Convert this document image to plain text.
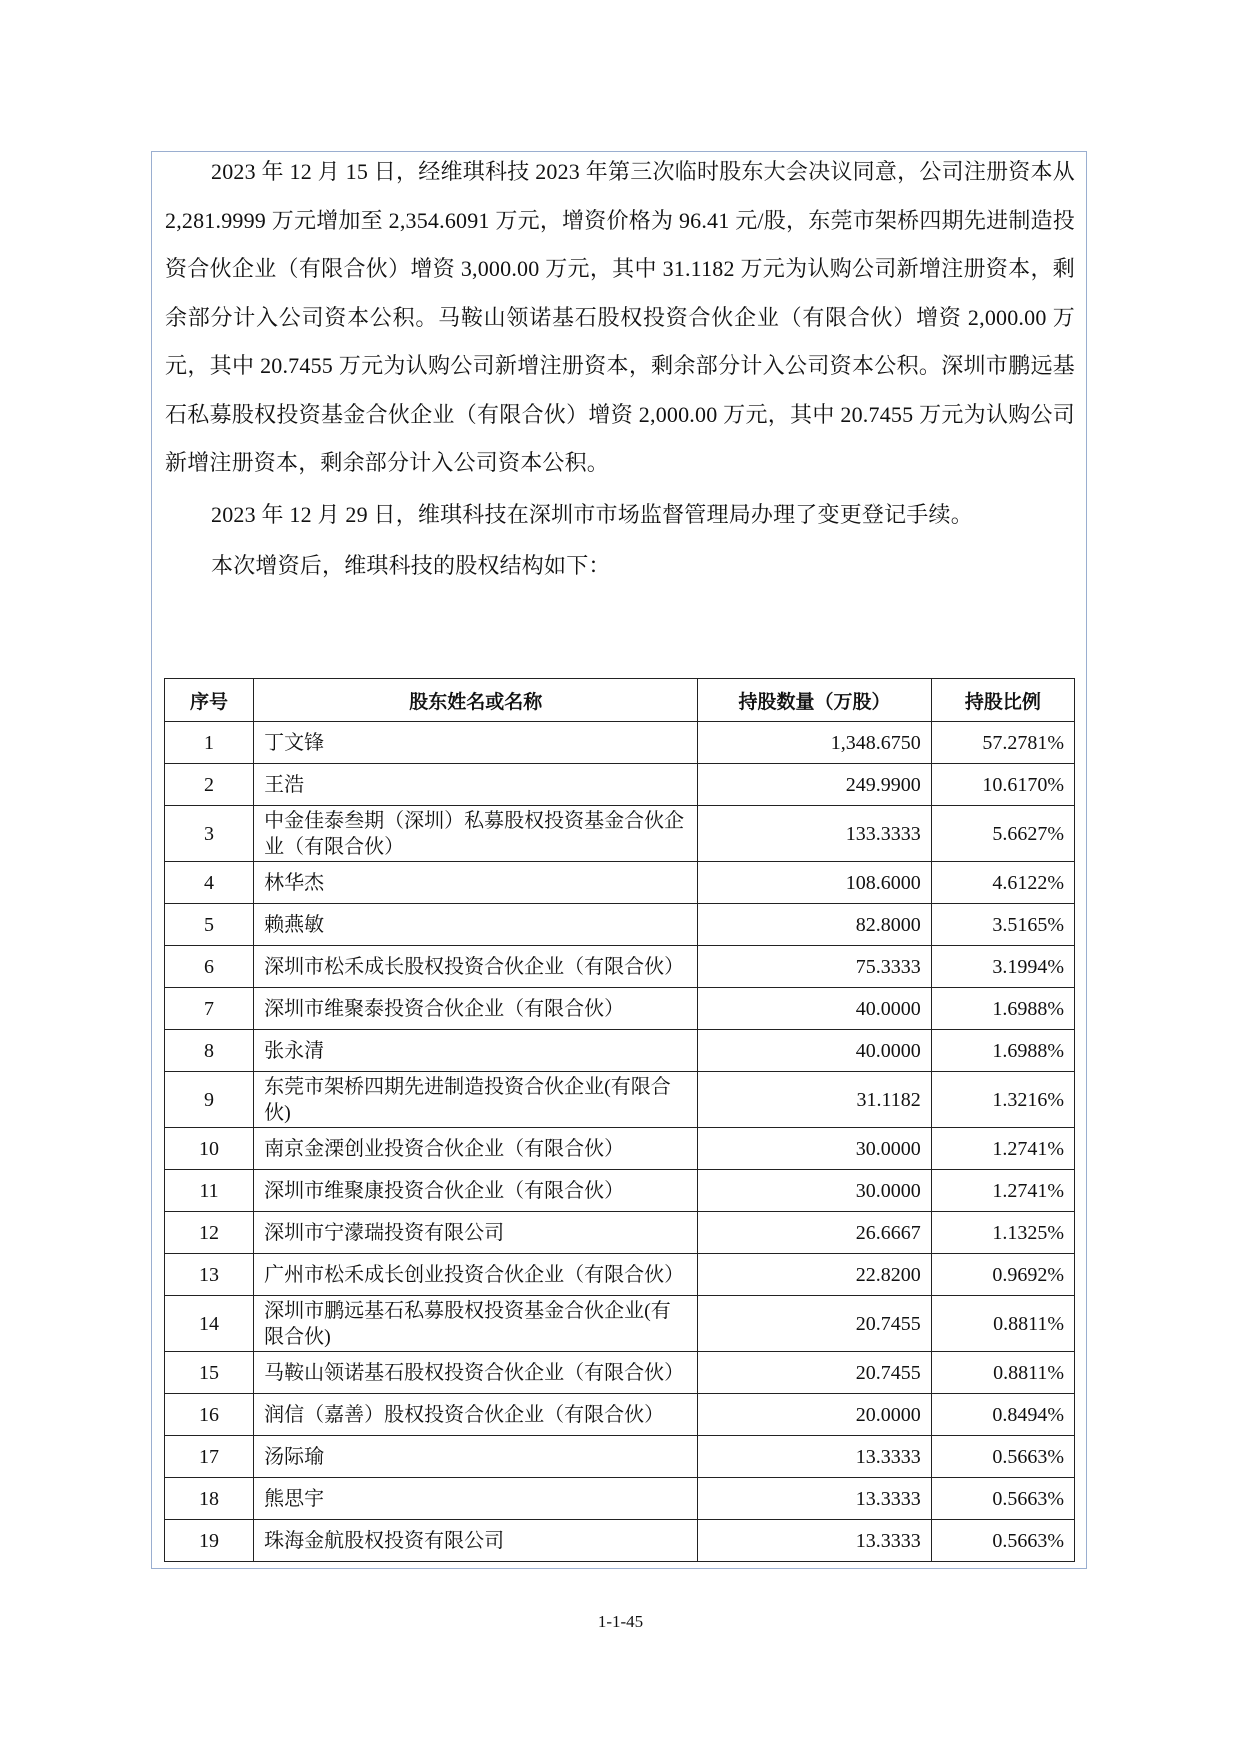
2023 年 12 月 15 日，经维琪科技 2023 年第三次临时股东大会决议同意，公司注册资本从 2,281.9999 万元增加至 2,354.6091 万元，增资价格为 96.41 元/股，东莞市架桥四期先进制造投资合伙企业（有限合伙）增资 3,000.00 万元，其中 31.1182 万元为认购公司新增注册资本，剩余部分计入公司资本公积。马鞍山领诺基石股权投资合伙企业（有限合伙）增资 2,000.00 万元，其中 20.7455 万元为认购公司新增注册资本，剩余部分计入公司资本公积。深圳市鹏远基石私募股权投资基金合伙企业（有限合伙）增资 2,000.00 万元，其中 20.7455 万元为认购公司新增注册资本，剩余部分计入公司资本公积。

2023 年 12 月 29 日，维琪科技在深圳市市场监督管理局办理了变更登记手续。

本次增资后，维琪科技的股权结构如下：

序号	股东姓名或名称	持股数量（万股）	持股比例
1	丁文锋	1,348.6750	57.2781%
2	王浩	249.9900	10.6170%
3	中金佳泰叁期（深圳）私募股权投资基金合伙企业（有限合伙）	133.3333	5.6627%
4	林华杰	108.6000	4.6122%
5	赖燕敏	82.8000	3.5165%
6	深圳市松禾成长股权投资合伙企业（有限合伙）	75.3333	3.1994%
7	深圳市维聚泰投资合伙企业（有限合伙）	40.0000	1.6988%
8	张永清	40.0000	1.6988%
9	东莞市架桥四期先进制造投资合伙企业(有限合伙)	31.1182	1.3216%
10	南京金溧创业投资合伙企业（有限合伙）	30.0000	1.2741%
11	深圳市维聚康投资合伙企业（有限合伙）	30.0000	1.2741%
12	深圳市宁濛瑞投资有限公司	26.6667	1.1325%
13	广州市松禾成长创业投资合伙企业（有限合伙）	22.8200	0.9692%
14	深圳市鹏远基石私募股权投资基金合伙企业(有限合伙)	20.7455	0.8811%
15	马鞍山领诺基石股权投资合伙企业（有限合伙）	20.7455	0.8811%
16	润信（嘉善）股权投资合伙企业（有限合伙）	20.0000	0.8494%
17	汤际瑜	13.3333	0.5663%
18	熊思宇	13.3333	0.5663%
19	珠海金航股权投资有限公司	13.3333	0.5663%
1-1-45
